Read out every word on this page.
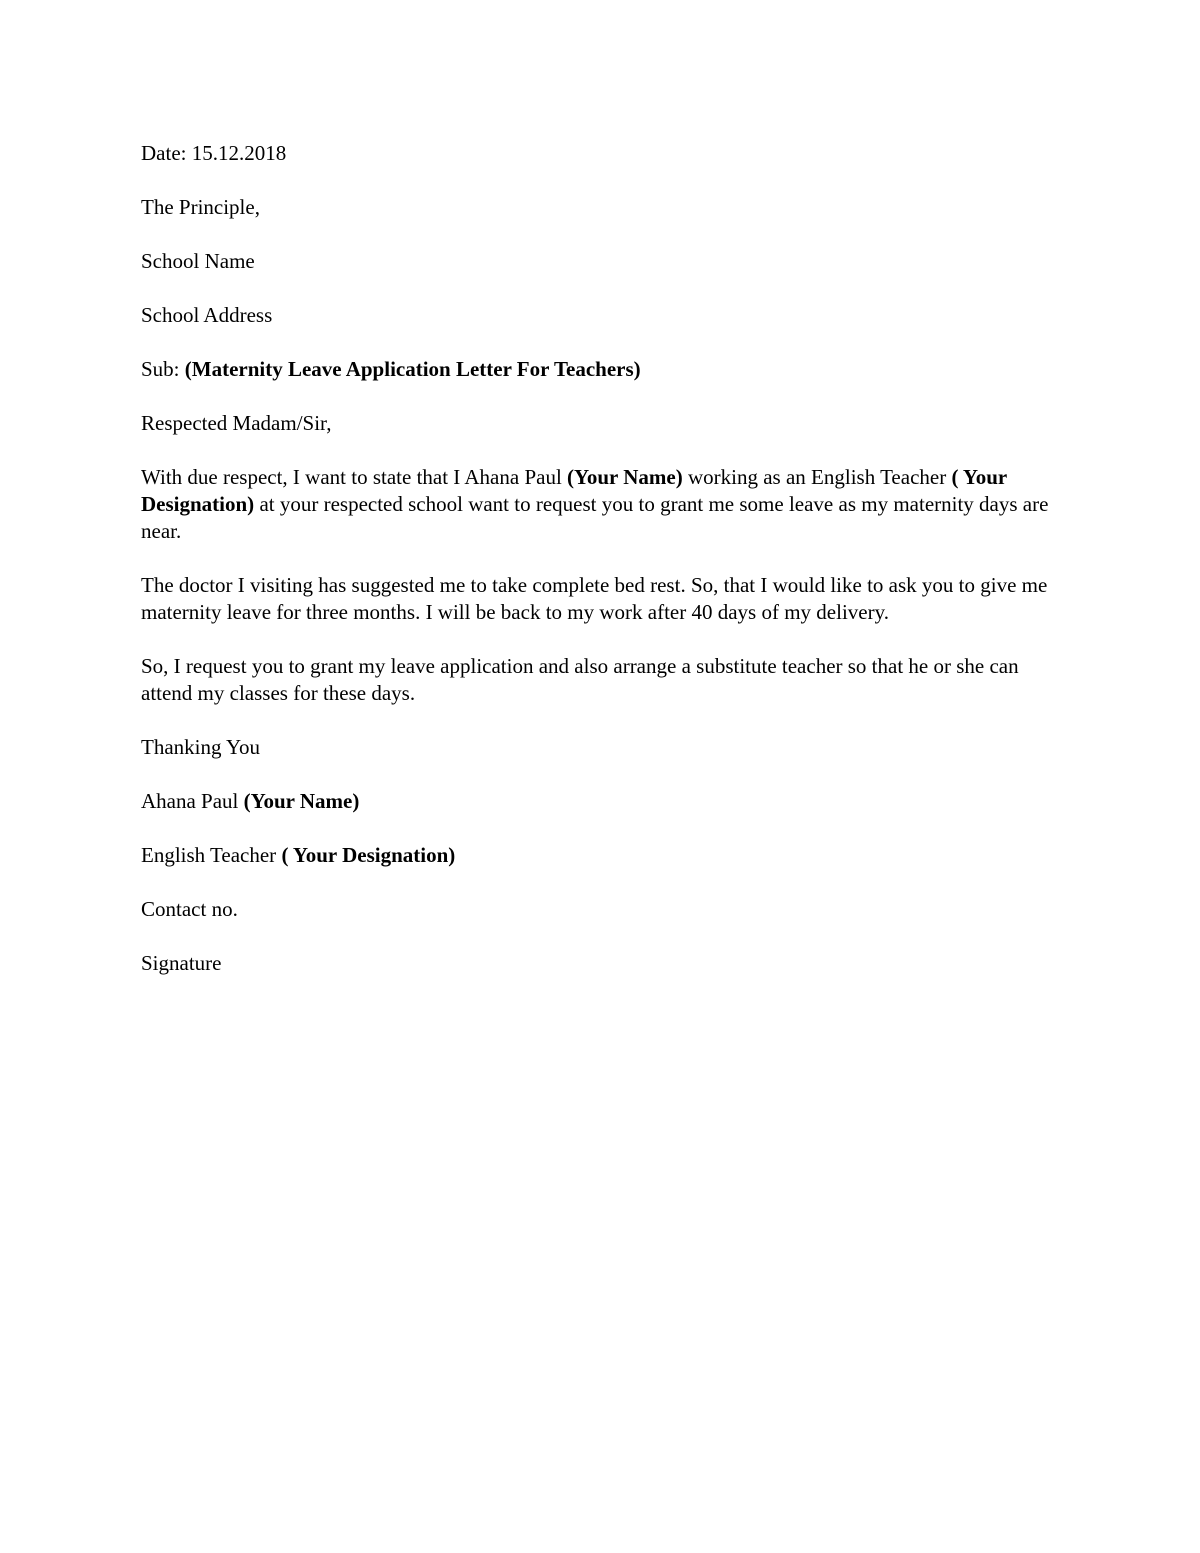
Date: 15.12.2018

The Principle,

School Name

School Address

Sub: (Maternity Leave Application Letter For Teachers)

Respected Madam/Sir,

With due respect, I want to state that I Ahana Paul (Your Name) working as an English Teacher ( Your Designation) at your respected school want to request you to grant me some leave as my maternity days are near.

The doctor I visiting has suggested me to take complete bed rest. So, that I would like to ask you to give me maternity leave for three months. I will be back to my work after 40 days of my delivery.

So, I request you to grant my leave application and also arrange a substitute teacher so that he or she can attend my classes for these days.

Thanking You

Ahana Paul (Your Name)

English Teacher ( Your Designation)

Contact no.

Signature
